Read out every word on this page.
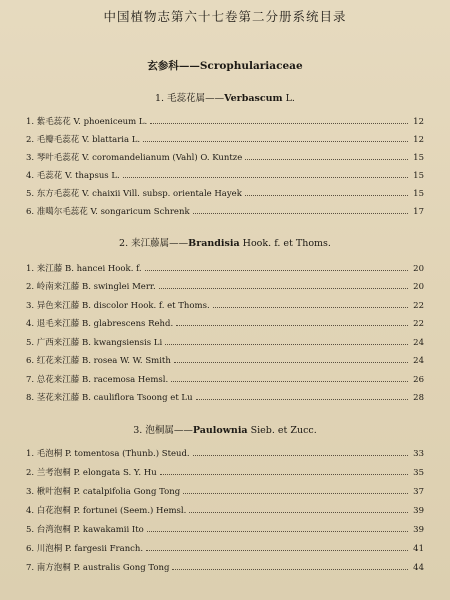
中国植物志第六十七卷第二分册系统目录
玄参科——Scrophulariaceae
1. 毛蕊花属——Verbascum L.
1. 紫毛蕊花 V. phoeniceum L.	12
2. 毛瓣毛蕊花 V. blattaria L.	12
3. 琴叶毛蕊花 V. coromandelianum (Vahl) O. Kuntze	15
4. 毛蕊花 V. thapsus L.	15
5. 东方毛蕊花 V. chaixii Vill. subsp. orientale Hayek	15
6. 准噶尔毛蕊花 V. songaricum Schrenk	17
2. 来江藤属——Brandisia Hook. f. et Thoms.
1. 来江藤 B. hancei Hook. f.	20
2. 岭南来江藤 B. swinglei Merr.	20
3. 异色来江藤 B. discolor Hook. f. et Thoms.	22
4. 退毛来江藤 B. glabrescens Rehd.	22
5. 广西来江藤 B. kwangsiensis Li	24
6. 红花来江藤 B. rosea W. W. Smith	24
7. 总花来江藤 B. racemosa Hemsl.	26
8. 茎花来江藤 B. cauliflora Tsoong et Lu	28
3. 泡桐属——Paulownia Sieb. et Zucc.
1. 毛泡桐 P. tomentosa (Thunb.) Steud.	33
2. 兰考泡桐 P. elongata S. Y. Hu	35
3. 楸叶泡桐 P. catalpifolia Gong Tong	37
4. 白花泡桐 P. fortunei (Seem.) Hemsl.	39
5. 台湾泡桐 P. kawakamii Ito	39
6. 川泡桐 P. fargesii Franch.	41
7. 南方泡桐 P. australis Gong Tong	44
